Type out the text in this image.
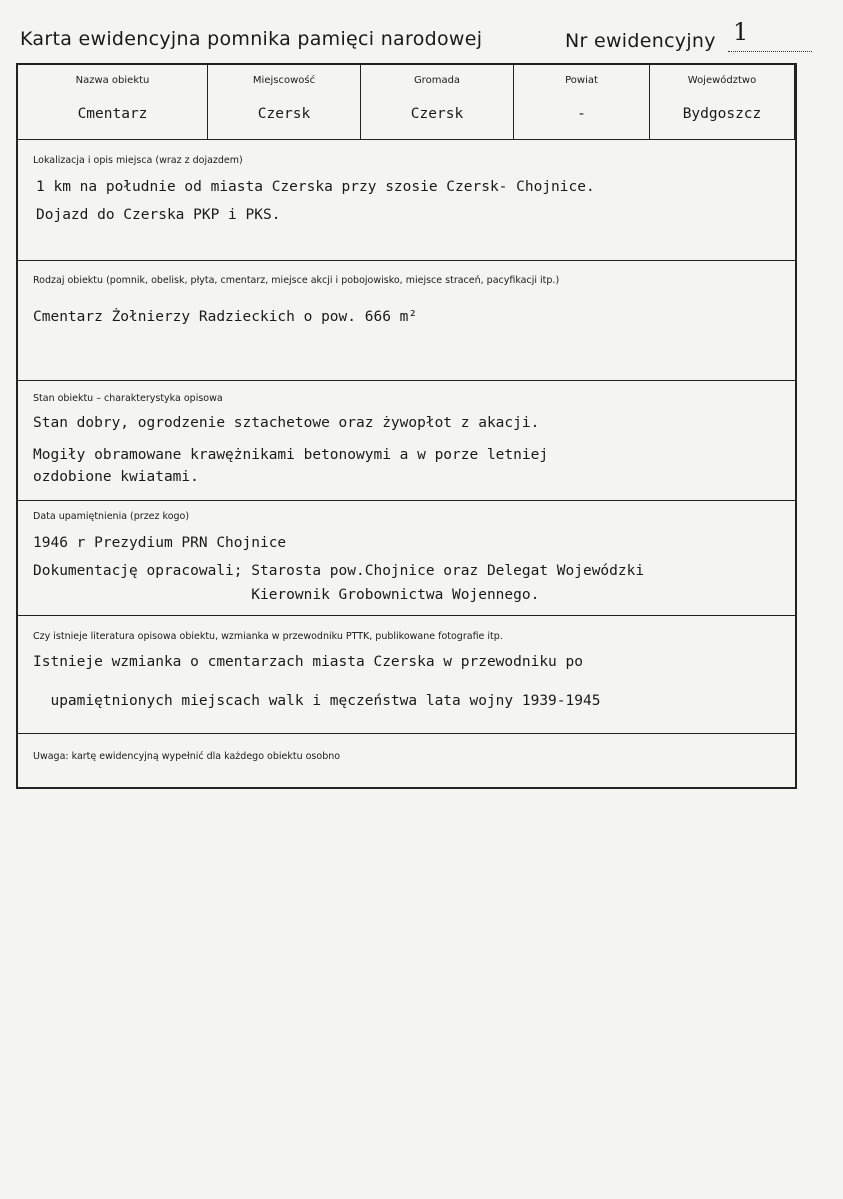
Karta ewidencyjna pomnika pamięci narodowej	Nr ewidencyjny 1
Nazwa obiektu
Cmentarz
Miejscowość
Czersk
Gromada
Czersk
Powiat
-
Województwo
Bydgoszcz
Lokalizacja i opis miejsca (wraz z dojazdem)
1 km na południe od miasta Czerska przy szosie Czersk- Chojnice.
Dojazd do Czerska PKP i PKS.
Rodzaj obiektu (pomnik, obelisk, płyta, cmentarz, miejsce akcji i pobojowisko, miejsce straceń, pacyfikacji itp.)
Cmentarz Żołnierzy Radzieckich o pow. 666 m²
Stan obiektu – charakterystyka opisowa
Stan dobry, ogrodzenie sztachetowe oraz żywopłot z akacji.
Mogiły obramowane krawężnikami betonowymi a w porze letniej
ozdobione kwiatami.
Data upamiętnienia (przez kogo)
1946 r Prezydium PRN Chojnice
Dokumentację opracowali; Starosta pow.Chojnice oraz Delegat Wojewódzki
Kierownik Grobownictwa Wojennego.
Czy istnieje literatura opisowa obiektu, wzmianka w przewodniku PTTK, publikowane fotografie itp.
Istnieje wzmianka o cmentarzach miasta Czerska w przewodniku po
upamiętnionych miejscach walk i męczeństwa lata wojny 1939-1945
Uwaga: kartę ewidencyjną wypełnić dla każdego obiektu osobno
